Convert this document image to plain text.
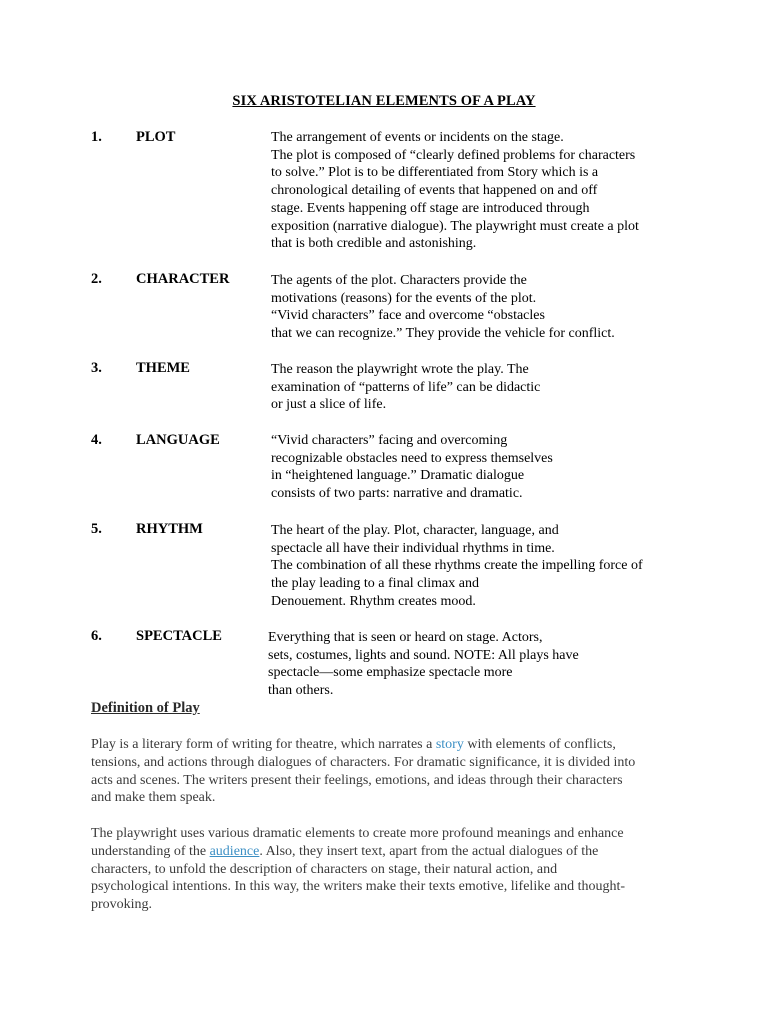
SIX ARISTOTELIAN ELEMENTS OF A PLAY
1. PLOT	The arrangement of events or incidents on the stage.
The plot is composed of “clearly defined problems for characters
to solve.” Plot is to be differentiated from Story which is a
chronological detailing of events that happened on and off
stage. Events happening off stage are introduced through
exposition (narrative dialogue). The playwright must create a plot
that is both credible and astonishing.
2. CHARACTER	The agents of the plot. Characters provide the
motivations (reasons) for the events of the plot.
“Vivid characters” face and overcome “obstacles
that we can recognize.” They provide the vehicle for conflict.
3. THEME	The reason the playwright wrote the play. The
examination of “patterns of life” can be didactic
or just a slice of life.
4. LANGUAGE	“Vivid characters” facing and overcoming
recognizable obstacles need to express themselves
in “heightened language.” Dramatic dialogue
consists of two parts: narrative and dramatic.
5. RHYTHM	The heart of the play. Plot, character, language, and
spectacle all have their individual rhythms in time.
The combination of all these rhythms create the impelling force of
the play leading to a final climax and
Denouement. Rhythm creates mood.
6. SPECTACLE	Everything that is seen or heard on stage. Actors,
sets, costumes, lights and sound. NOTE: All plays have
spectacle—some emphasize spectacle more
than others.
Definition of Play
Play is a literary form of writing for theatre, which narrates a story with elements of conflicts,
tensions, and actions through dialogues of characters. For dramatic significance, it is divided into
acts and scenes. The writers present their feelings, emotions, and ideas through their characters
and make them speak.
The playwright uses various dramatic elements to create more profound meanings and enhance
understanding of the audience. Also, they insert text, apart from the actual dialogues of the
characters, to unfold the description of characters on stage, their natural action, and
psychological intentions. In this way, the writers make their texts emotive, lifelike and thought-
provoking.
